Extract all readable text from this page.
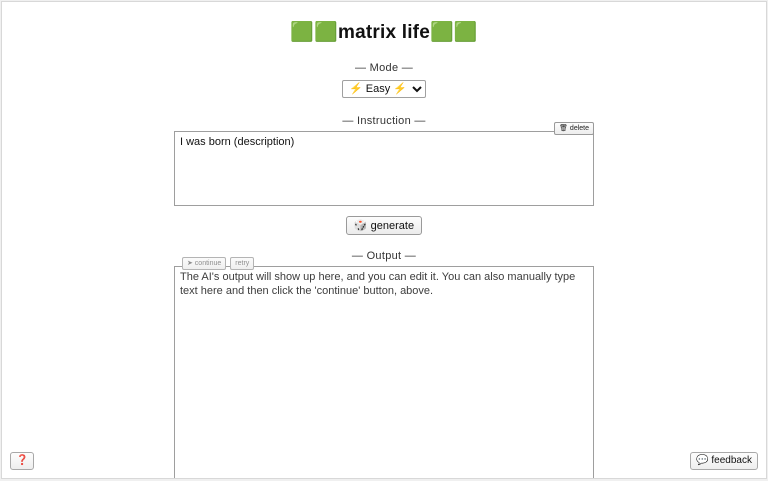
🟩🟩matrix life🟩🟩
— Mode —
⚡ Easy ⚡
— Instruction —
🗑 delete
I was born (description)
🎲 generate
— Output —
➤ continue	retry
The AI's output will show up here, and you can edit it. You can also manually type text here and then click the 'continue' button, above.
❓	💬 feedback
